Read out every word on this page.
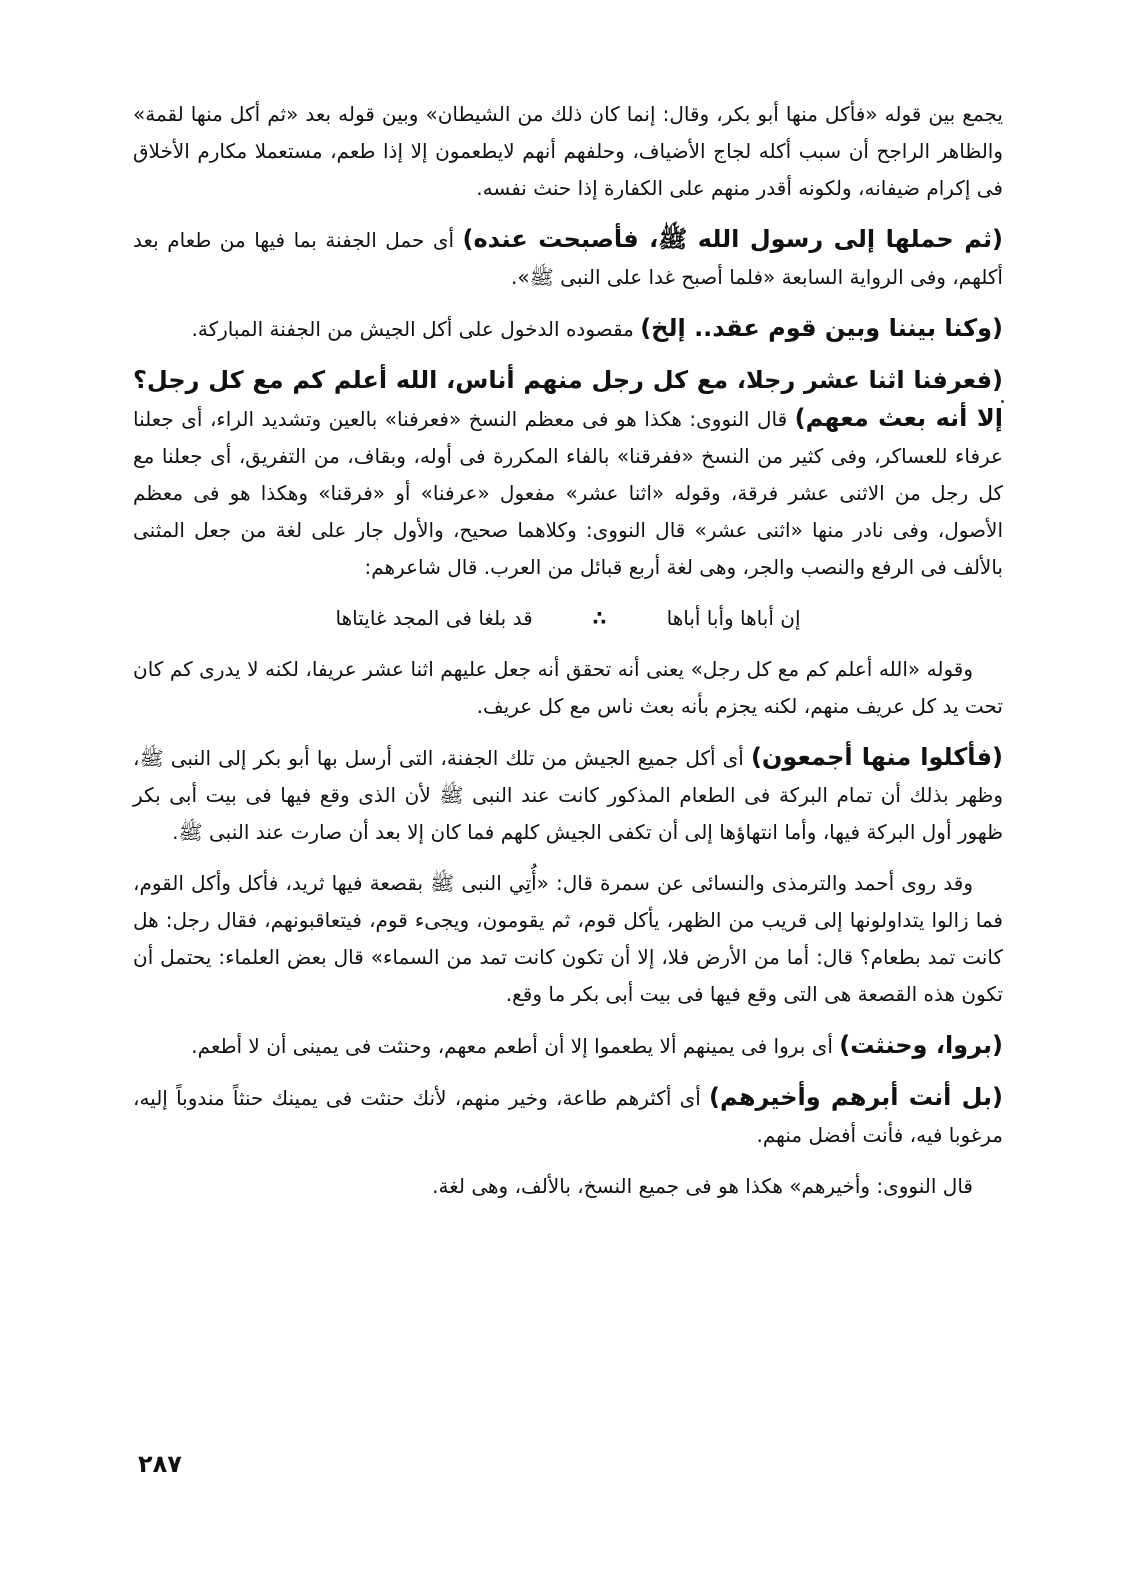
يجمع بين قوله «فأكل منها أبو بكر، وقال: إنما كان ذلك من الشيطان» وبين قوله بعد «ثم أكل منها لقمة» والظاهر الراجح أن سبب أكله لجاج الأضياف، وحلفهم أنهم لايطعمون إلا إذا طعم، مستعملا مكارم الأخلاق فى إكرام ضيفانه، ولكونه أقدر منهم على الكفارة إذا حنث نفسه.

(ثم حملها إلى رسول الله ﷺ، فأصبحت عنده) أى حمل الجفنة بما فيها من طعام بعد أكلهم، وفى الرواية السابعة «فلما أصبح غدا على النبى ﷺ».

(وكنا بيننا وبين قوم عقد.. إلخ) مقصوده الدخول على أكل الجيش من الجفنة المباركة.

(فعرفنا اثنا عشر رجلا، مع كل رجل منهم أناس، الله أعلم كم مع كل رجل؟ إلا أنه بعث معهم) قال النووى: هكذا هو فى معظم النسخ «فعرفنا» بالعين وتشديد الراء، أى جعلنا عرفاء للعساكر، وفى كثير من النسخ «ففرقنا» بالفاء المكررة فى أوله، وبقاف، من التفريق، أى جعلنا مع كل رجل من الاثنى عشر فرقة، وقوله «اثنا عشر» مفعول «عرفنا» أو «فرقنا» وهكذا هو فى معظم الأصول، وفى نادر منها «اثنى عشر» قال النووى: وكلاهما صحيح، والأول جار على لغة من جعل المثنى بالألف فى الرفع والنصب والجر، وهى لغة أربع قبائل من العرب. قال شاعرهم:

إن أباها وأبا أباها
∴
قد بلغا فى المجد غايتاها

وقوله «الله أعلم كم مع كل رجل» يعنى أنه تحقق أنه جعل عليهم اثنا عشر عريفا، لكنه لا يدرى كم كان تحت يد كل عريف منهم، لكنه يجزم بأنه بعث ناس مع كل عريف.

(فأكلوا منها أجمعون) أى أكل جميع الجيش من تلك الجفنة، التى أرسل بها أبو بكر إلى النبى ﷺ، وظهر بذلك أن تمام البركة فى الطعام المذكور كانت عند النبى ﷺ لأن الذى وقع فيها فى بيت أبى بكر ظهور أول البركة فيها، وأما انتهاؤها إلى أن تكفى الجيش كلهم فما كان إلا بعد أن صارت عند النبى ﷺ.

وقد روى أحمد والترمذى والنسائى عن سمرة قال: «أُتِي النبى ﷺ بقصعة فيها ثريد، فأكل وأكل القوم، فما زالوا يتداولونها إلى قريب من الظهر، يأكل قوم، ثم يقومون، ويجىء قوم، فيتعاقبونهم، فقال رجل: هل كانت تمد بطعام؟ قال: أما من الأرض فلا، إلا أن تكون كانت تمد من السماء» قال بعض العلماء: يحتمل أن تكون هذه القصعة هى التى وقع فيها فى بيت أبى بكر ما وقع.

(بروا، وحنثت) أى بروا فى يمينهم ألا يطعموا إلا أن أطعم معهم، وحنثت فى يمينى أن لا أطعم.

(بل أنت أبرهم وأخيرهم) أى أكثرهم طاعة، وخير منهم، لأنك حنثت فى يمينك حنثاً مندوباً إليه، مرغوبا فيه، فأنت أفضل منهم.

قال النووى: وأخيرهم» هكذا هو فى جميع النسخ، بالألف، وهى لغة.

٢٨٧
